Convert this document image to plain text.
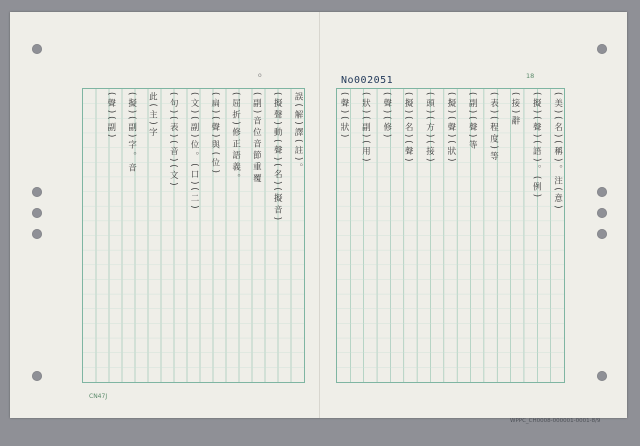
誤(解)譯(註)。
(擬聲)動(聲)(名)(擬音)
(副)音位音節重覆
(屈折)修正語義。
(扁)(聲)與(位)
(文)(副)位。(口)(二)
(句)(表)(音)(文)
此(主)字
(擬)(副)字。音
(聲)(副)	(美)(名)(稱)。注(意)
(擬)(聲)(語)。(例)
(接)辭
(表)(程度)等
(副)(聲)等
(擬)(聲)(狀)
(頭)(方)(接)
(擬)(名)(聲)
(聲)(修)
(狀)(副)(用)
(聲)(狀)
No002051	18
o
CN47J
WPPC_CH0008-000001-0001-8/9
